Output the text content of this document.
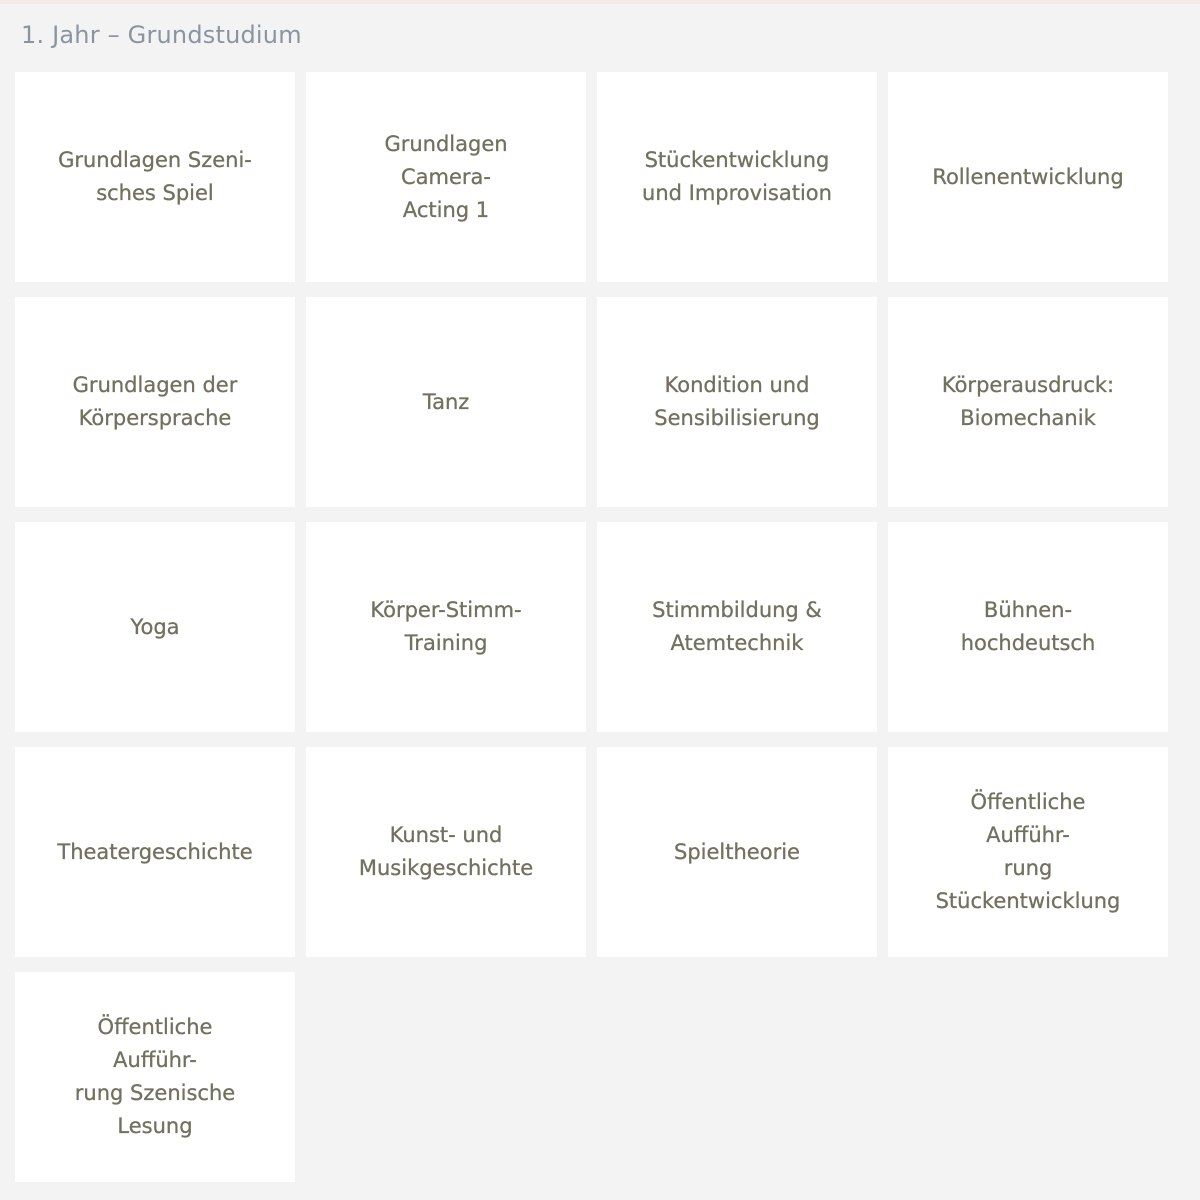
1. Jahr – Grundstudium
Grundlagen Szeni-
sches Spiel
Grundlagen Camera-
Acting 1
Stückentwicklung
und Improvisation
Rollenentwicklung
Grundlagen der
Körpersprache
Tanz
Kondition und
Sensibilisierung
Körperausdruck:
Biomechanik
Yoga
Körper-Stimm-
Training
Stimmbildung &
Atemtechnik
Bühnen-hochdeutsch
Theatergeschichte
Kunst- und
Musikgeschichte
Spieltheorie
Öffentliche Aufführ-
rung
Stückentwicklung
Öffentliche Aufführ-
rung Szenische
Lesung
